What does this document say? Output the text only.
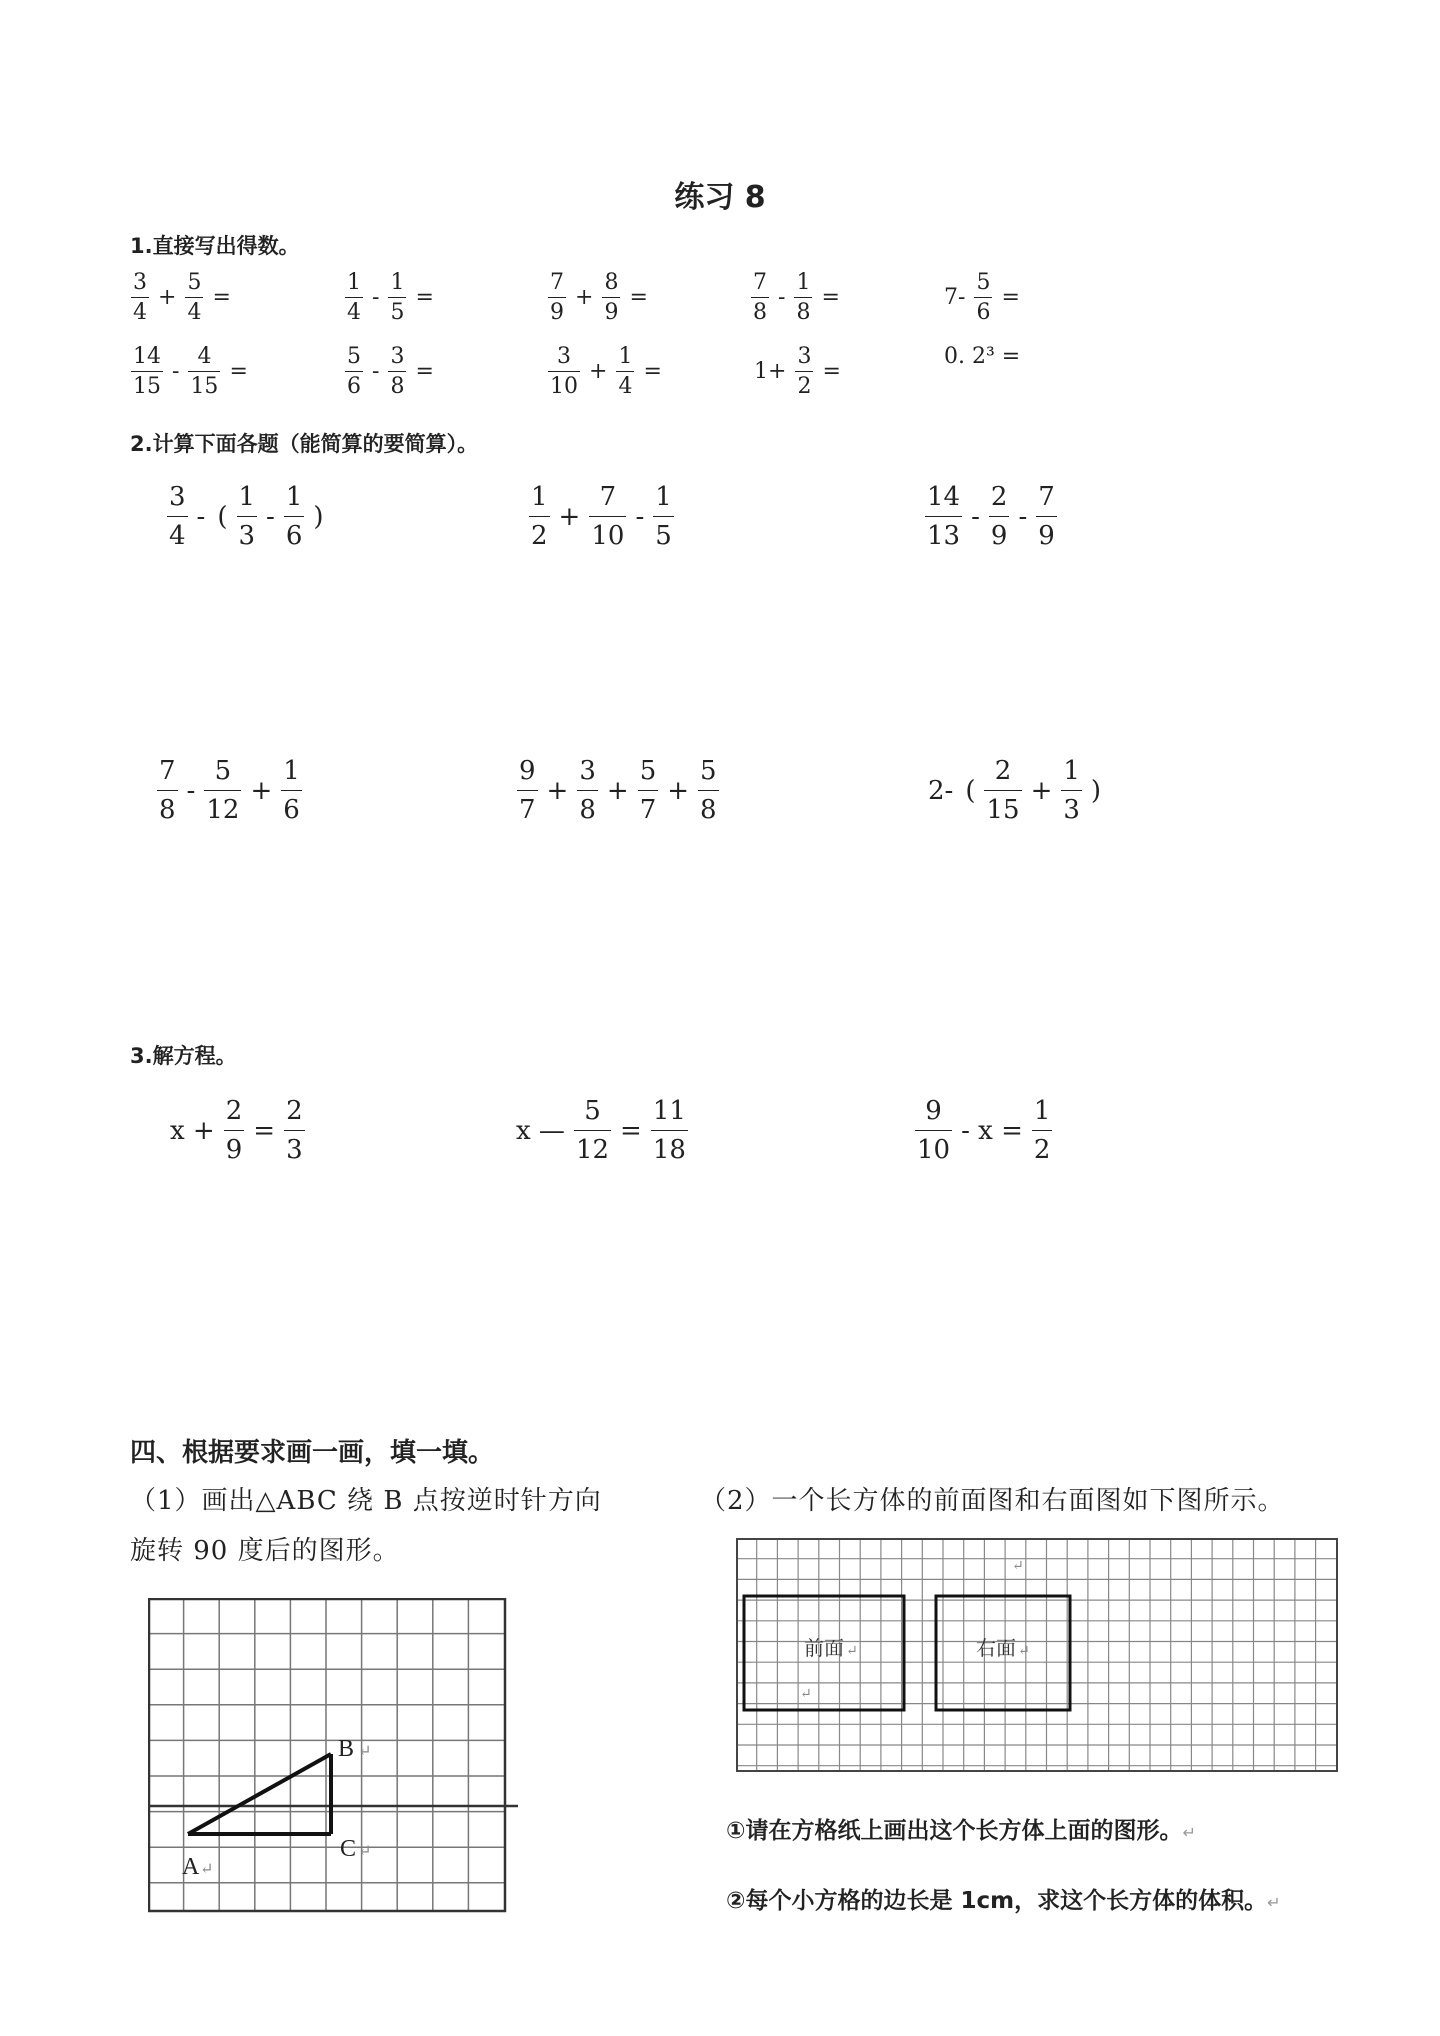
练习 8
1.直接写出得数。
$\frac{3}{4} + \frac{5}{4}$ =	$\frac{1}{4} - \frac{1}{5}$ =	$\frac{7}{9} + \frac{8}{9}$ =	$\frac{7}{8} - \frac{1}{8}$ =	$7- \frac{5}{6}$ =
$\frac{14}{15} - \frac{4}{15}$ =	$\frac{5}{6} - \frac{3}{8}$ =	$\frac{3}{10} + \frac{1}{4}$ =	$1+ \frac{3}{2}$ =
0. 2³ =
2.计算下面各题（能简算的要简算）。
$\frac{3}{4}$ - ( $\frac{1}{3} - \frac{1}{6}$ )	$\frac{1}{2} + \frac{7}{10} - \frac{1}{5}$	$\frac{14}{13} - \frac{2}{9} - \frac{7}{9}$
$\frac{7}{8} - \frac{5}{12} + \frac{1}{6}$	$\frac{9}{7} + \frac{3}{8} + \frac{5}{7} + \frac{5}{8}$	2- ( $\frac{2}{15} + \frac{1}{3}$ )
3.解方程。
$x + \frac{2}{9} = \frac{2}{3}$	x — $\frac{5}{12} = \frac{11}{18}$	$\frac{9}{10} - x = \frac{1}{2}$
四、根据要求画一画，填一填。
（1）画出△ABC 绕 B 点按逆时针方向
旋转 90 度后的图形。
（2）一个长方体的前面图和右面图如下图所示。
B ↵
C ↵
A ↵
前面 ↵	右面 ↵
↵
↵
①请在方格纸上画出这个长方体上面的图形。↵
②每个小方格的边长是 1cm，求这个长方体的体积。↵
